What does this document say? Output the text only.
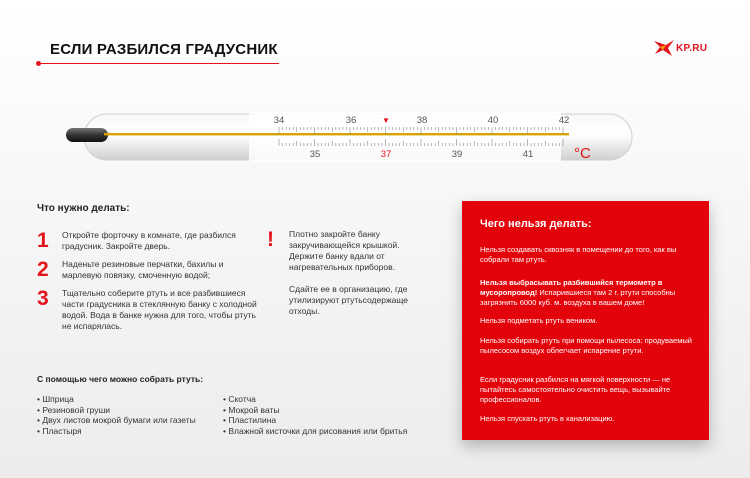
ЕСЛИ РАЗБИЛСЯ ГРАДУСНИК	KP.RU
34	36	38	40	42
35	37	39	41
▼
°C
Что нужно делать:
1	Откройте форточку в комнате, где разбился градусник. Закройте дверь.
2	Наденьте резиновые перчатки, бахилы и марлевую повязку, смоченную водой;
3	Тщательно соберите ртуть и все разбившиеся части градусника в стеклянную банку с холодной водой. Вода в банке нужна для того, чтобы ртуть не испарялась.
!	Плотно закройте банку закручивающейся крышкой. Держите банку вдали от нагревательных приборов.
Сдайте ее в организацию, где утилизируют ртутьсодержаще отходы.
С помощью чего можно собрать ртуть:
• Шприца
• Резиновой груши
• Двух листов мокрой бумаги или газеты
• Пластыря
• Скотча
• Мокрой ваты
• Пластилина
• Влажной кисточки для рисования или бритья
Чего нельзя делать:
Нельзя создавать сквозняк в помещении до того, как вы собрали там ртуть.
Нельзя выбрасывать разбившийся термометр в мусоропровод! Испарившиеся там 2 г. ртути способны загрязнить 6000 куб. м. воздуха в вашем доме!
Нельзя подметать ртуть веником.
Нельзя собирать ртуть при помощи пылесоса: продуваемый пылесосом воздух облегчает испарение ртути.
Если градусник разбился на мягкой поверхности — не пытайтесь самостоятельно очистить вещь, вызывайте профессионалов.
Нельзя спускать ртуть в канализацию.
